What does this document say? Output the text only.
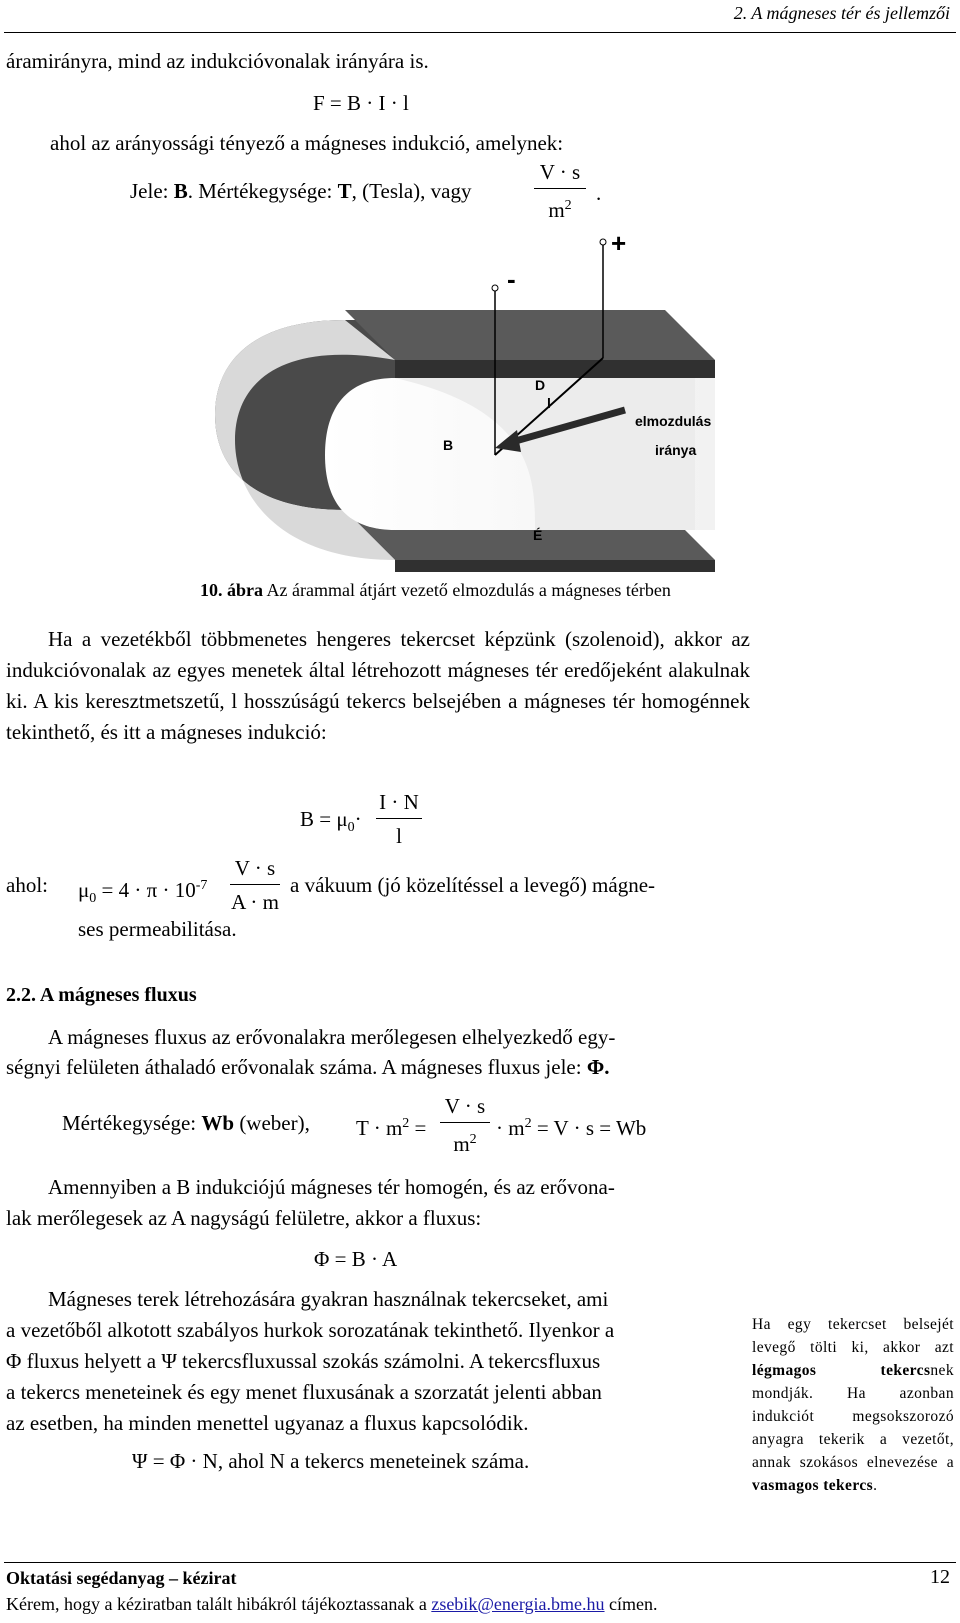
2. A mágneses tér és jellemzői
áramirányra, mind az indukcióvonalak irányára is.
F = B · I · l
ahol az arányossági tényező a mágneses indukció, amelynek:
Jele: B. Mértékegysége: T, (Tesla), vagy
V · s
$m^2$
.
-
+
D
l
B
É
elmozdulás
iránya
10. ábra Az árammal átjárt vezető elmozdulás a mágneses térben

Ha a vezetékből többmenetes hengeres tekercset képzünk (szolenoid), akkor az indukcióvonalak az egyes menetek által létrehozott mágneses tér eredőjeként alakulnak ki. A kis keresztmetszetű, l hosszúságú tekercs belsejében a mágneses tér homogénnek tekinthető, és itt a mágneses indukció:

$B = \mu_0\cdot$
I · N
l
ahol: $\mu_0 = 4 \cdot \pi \cdot 10^{-7}$
V · s
A · m
a vákuum (jó közelítéssel a levegő) mágne-
ses permeabilitása.
2.2. A mágneses fluxus
A mágneses fluxus az erővonalakra merőlegesen elhelyezkedő egy-
ségnyi felületen áthaladó erővonalak száma. A mágneses fluxus jele: Φ.
Mértékegysége: Wb (weber), $T \cdot m^2$ =
V · s
$m^2 \cdot m^2 = V \cdot s = Wb$
Amennyiben a B indukciójú mágneses tér homogén, és az erővona-
lak merőlegesek az A nagyságú felületre, akkor a fluxus:
Φ = B · A
Mágneses terek létrehozására gyakran használnak tekercseket, ami
a vezetőből alkotott szabályos hurkok sorozatának tekinthető. Ilyenkor a
Φ fluxus helyett a Ψ tekercsfluxussal szokás számolni. A tekercsfluxus
a tekercs meneteinek és egy menet fluxusának a szorzatát jelenti abban
az esetben, ha minden menettel ugyanaz a fluxus kapcsolódik.
Ψ = Φ · N, ahol N a tekercs meneteinek száma.
Ha egy tekercset belsejét levegő tölti ki, akkor azt légmagos tekercsnek mondják. Ha azonban indukciót megsokszorozó anyagra tekerik a vezetőt, annak szokásos elnevezése a vasmagos tekercs.
Oktatási segédanyag – kézirat	12
Kérem, hogy a kéziratban talált hibákról tájékoztassanak a zsebik@energia.bme.hu címen.
